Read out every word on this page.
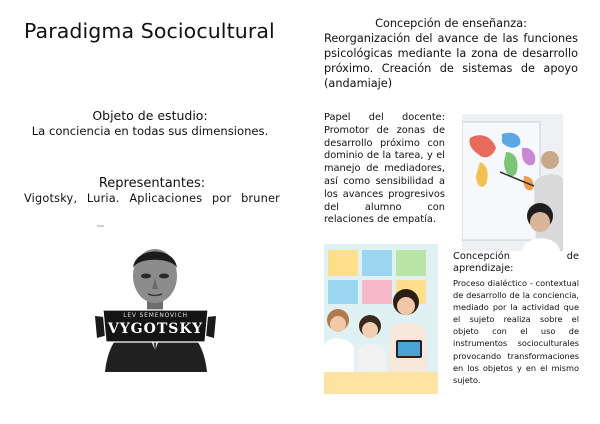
Paradigma Sociocultural
Objeto de estudio:
La conciencia en todas sus dimensiones.
Representantes:
Vigotsky, Luria. Aplicaciones por bruner
Concepción de enseñanza:
Reorganización del avance de las funciones psicológicas mediante la zona de desarrollo próximo. Creación de sistemas de apoyo (andamiaje)
Papel del docente: Promotor de zonas de desarrollo próximo con dominio de la tarea, y el manejo de mediadores, así como sensibilidad a los avances progresivos del alumno con relaciones de empatía.
Concepción de aprendizaje:
Proceso dialéctico - contextual de desarrollo de la conciencia, mediado por la actividad que el sujeto realiza sobre el objeto con el uso de instrumentos socioculturales provocando transformaciones en los objetos y en el mismo sujeto.
LEV SEMENOVICH
VYGOTSKY
